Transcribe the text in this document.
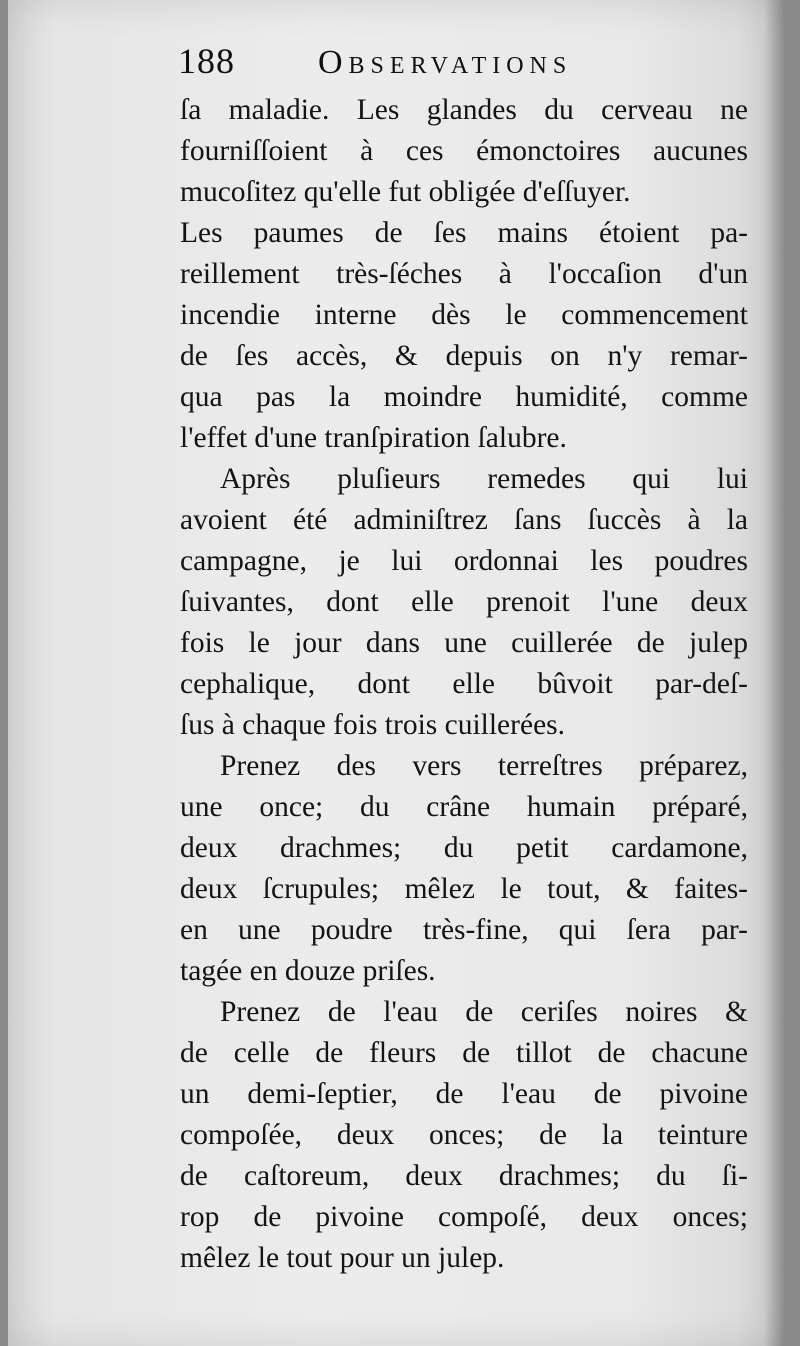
188 Observations
ſa maladie. Les glandes du cerveau ne
fourniſſoient à ces émonctoires aucunes
mucoſitez qu'elle fut obligée d'eſſuyer.
Les paumes de ſes mains étoient pa-
reillement très-ſéches à l'occaſion d'un
incendie interne dès le commencement
de ſes accès, & depuis on n'y remar-
qua pas la moindre humidité, comme
l'effet d'une tranſpiration ſalubre.
Après pluſieurs remedes qui lui
avoient été adminiſtrez ſans ſuccès à la
campagne, je lui ordonnai les poudres
ſuivantes, dont elle prenoit l'une deux
fois le jour dans une cuillerée de julep
cephalique, dont elle bûvoit par-deſ-
ſus à chaque fois trois cuillerées.
Prenez des vers terreſtres préparez,
une once; du crâne humain préparé,
deux drachmes; du petit cardamone,
deux ſcrupules; mêlez le tout, & faites-
en une poudre très-fine, qui ſera par-
tagée en douze priſes.
Prenez de l'eau de ceriſes noires &
de celle de fleurs de tillot de chacune
un demi-ſeptier, de l'eau de pivoine
compoſée, deux onces; de la teinture
de caſtoreum, deux drachmes; du ſi-
rop de pivoine compoſé, deux onces;
mêlez le tout pour un julep.
